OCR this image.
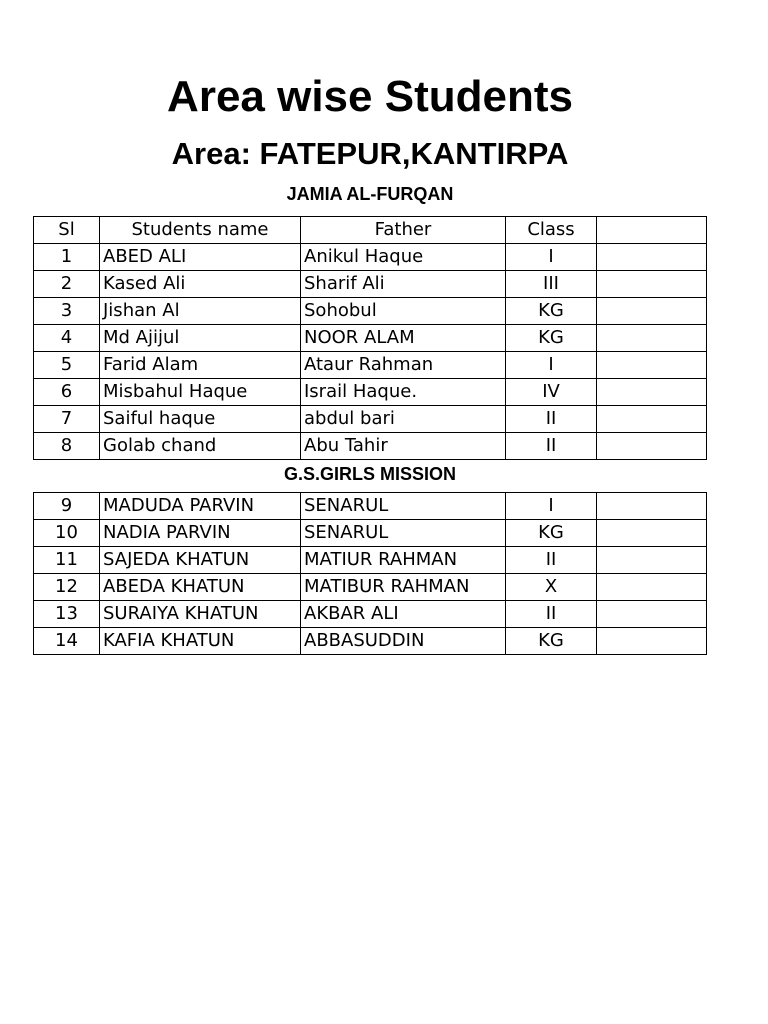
Area wise Students
Area: FATEPUR,KANTIRPA
JAMIA AL-FURQAN
Sl	Students name	Father	Class	
1	ABED ALI	Anikul Haque	I	
2	Kased Ali	Sharif Ali	III	
3	Jishan Al	Sohobul	KG	
4	Md Ajijul	NOOR ALAM	KG	
5	Farid Alam	Ataur Rahman	I	
6	Misbahul Haque	Israil Haque.	IV	
7	Saiful haque	abdul bari	II	
8	Golab chand	Abu Tahir	II	
G.S.GIRLS MISSION
9	MADUDA PARVIN	SENARUL	I	
10	NADIA PARVIN	SENARUL	KG	
11	SAJEDA KHATUN	MATIUR RAHMAN	II	
12	ABEDA KHATUN	MATIBUR RAHMAN	X	
13	SURAIYA KHATUN	AKBAR ALI	II	
14	KAFIA KHATUN	ABBASUDDIN	KG	
